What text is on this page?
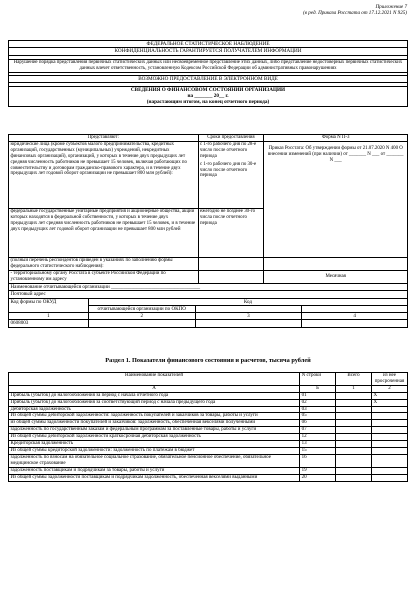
Приложение 7
(в ред. Приказа Росстата от 17.12.2021 N 925)
ФЕДЕРАЛЬНОЕ СТАТИСТИЧЕСКОЕ НАБЛЮДЕНИЕ
КОНФИДЕНЦИАЛЬНОСТЬ ГАРАНТИРУЕТСЯ ПОЛУЧАТЕЛЕМ ИНФОРМАЦИИ

Нарушение порядка представления первичных статистических данных или несвоевременное представление этих данных, либо представление недостоверных первичных статистических данных влечет ответственность, установленную Кодексом Российской Федерации об административных правонарушениях

ВОЗМОЖНО ПРЕДОСТАВЛЕНИЕ В ЭЛЕКТРОННОМ ВИДЕ

СВЕДЕНИЯ О ФИНАНСОВОМ СОСТОЯНИИ ОРГАНИЗАЦИИ
на _______ 20__ г.
(нарастающим итогом, на конец отчетного периода)
Представляют:	Сроки предоставления	Форма N П-3
юридические лица (кроме субъектов малого предпринимательства, кредитных организаций, государственных (муниципальных) учреждений, некредитных финансовых организаций), организаций, у которых в течение двух предыдущих лет средняя численность работников не превышает 15 человек, включая работающих по совместительству и договорам гражданско-правового характера, и в течение двух предыдущих лет годовой оборот организации не превышает 800 млн рублей):	с 1-го рабочего дня по 28-е число после отчетного периода
с 1-го рабочего дня по 30-е число после отчетного периода	Приказ Росстата: Об утверждении формы от 21.07.2020 N 400 О внесении изменений (при наличии) от _______ N ___ от _______ N ___
федеральные государственные унитарные предприятия и акционерные общества, акции которых находятся в федеральной собственности, у которых в течение двух предыдущих лет средняя численность работников не превышает 15 человек, и в течение двух предыдущих лет годовой оборот организации не превышает 800 млн рублей	ежегодно не позднее 30-го числа после отчетного периода	
(полный перечень респондентов приведен в указаниях по заполнению формы федерального статистического наблюдения):		
- территориальному органу Росстата в субъекте Российской Федерации по установленному им адресу		Месячная
Наименование отчитывающейся организации ___________________________________			
Почтовый адрес			
Код формы по ОКУД	Код		
	отчитывающейся организации по ОКПО		
1	2	3	4
0608003			
Раздел 1. Показатели финансового состояния и расчетов, тысяча рублей
Наименование показателей	N строки	Всего	из нее просроченная
А	Б	1	2
Прибыль (убыток) до налогообложения за период с начала отчетного года	01		X
Прибыль (убыток) до налогообложения за соответствующий период с начала предыдущего года	02		X
Дебиторская задолженность	03		
Из общей суммы дебиторской задолженности: задолженность покупателей и заказчиков за товары, работы и услуги	05		
из общей суммы задолженности покупателей и заказчиков: задолженность, обеспеченная векселями полученными	06		
задолженность по государственным заказам и федеральным программам за поставленные товары, работы и услуги	07		
Из общей суммы дебиторской задолженности краткосрочная дебиторская задолженность	12		
Кредиторская задолженность	13		
Из общей суммы кредиторской задолженности: задолженность по платежам в бюджет	15		
задолженность по взносам на обязательное социальное страхование, обязательное пенсионное обеспечение, обязательное медицинское страхование	16		
задолженность поставщикам и подрядчикам за товары, работы и услуги	19		
Из общей суммы задолженности поставщикам и подрядчикам задолженность, обеспеченная векселями выданными	20		
